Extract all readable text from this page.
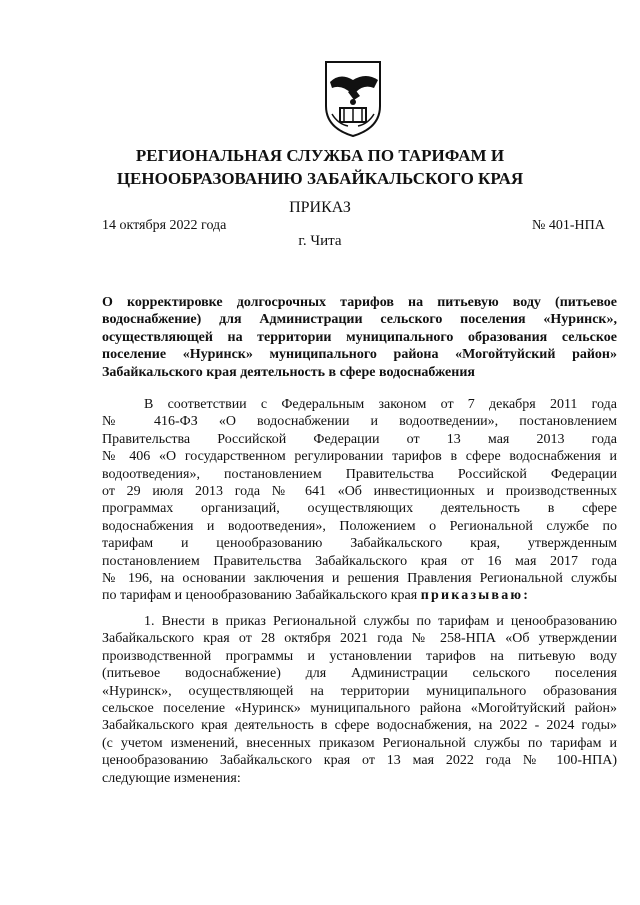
РЕГИОНАЛЬНАЯ СЛУЖБА ПО ТАРИФАМ И
ЦЕНООБРАЗОВАНИЮ ЗАБАЙКАЛЬСКОГО КРАЯ
ПРИКАЗ
14 октября 2022 года	№ 401-НПА
г. Чита
О корректировке долгосрочных тарифов на питьевую воду (питьевое
водоснабжение) для Администрации сельского поселения «Нуринск»,
осуществляющей на территории муниципального образования сельское
поселение «Нуринск» муниципального района «Могойтуйский район»
Забайкальского края деятельность в сфере водоснабжения
В соответствии с Федеральным законом от 7 декабря 2011 года
№ 416-ФЗ «О водоснабжении и водоотведении», постановлением
Правительства Российской Федерации от 13 мая 2013 года
№ 406 «О государственном регулировании тарифов в сфере водоснабжения и
водоотведения», постановлением Правительства Российской Федерации
от 29 июля 2013 года № 641 «Об инвестиционных и производственных
программах организаций, осуществляющих деятельность в сфере
водоснабжения и водоотведения», Положением о Региональной службе по
тарифам и ценообразованию Забайкальского края, утвержденным
постановлением Правительства Забайкальского края от 16 мая 2017 года
№ 196, на основании заключения и решения Правления Региональной службы
по тарифам и ценообразованию Забайкальского края приказываю:
1. Внести в приказ Региональной службы по тарифам и ценообразованию
Забайкальского края от 28 октября 2021 года № 258-НПА «Об утверждении
производственной программы и установлении тарифов на питьевую воду
(питьевое водоснабжение) для Администрации сельского поселения
«Нуринск», осуществляющей на территории муниципального образования
сельское поселение «Нуринск» муниципального района «Могойтуйский район»
Забайкальского края деятельность в сфере водоснабжения, на 2022 - 2024 годы»
(с учетом изменений, внесенных приказом Региональной службы по тарифам и
ценообразованию Забайкальского края от 13 мая 2022 года № 100-НПА)
следующие изменения:
